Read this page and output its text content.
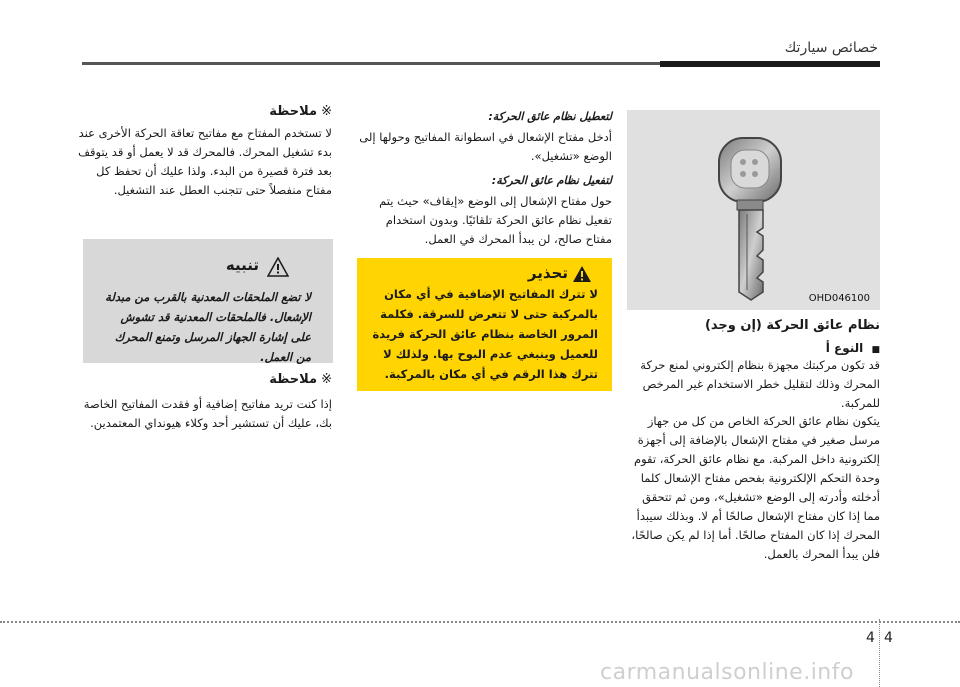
خصائص سيارتك
OHD046100
نظام عائق الحركة (إن وجد)
■ النوع أ
قد تكون مركبتك مجهزة بنظام إلكتروني لمنع حركة المحرك وذلك لتقليل خطر الاستخدام غير المرخص للمركبة.
يتكون نظام عائق الحركة الخاص من كل من جهاز مرسل صغير في مفتاح الإشعال بالإضافة إلى أجهزة إلكترونية داخل المركبة. مع نظام عائق الحركة، تقوم وحدة التحكم الإلكترونية بفحص مفتاح الإشعال كلما أدخلته وأدرته إلى الوضع «تشغيل»، ومن ثم تتحقق مما إذا كان مفتاح الإشعال صالحًا أم لا. وبذلك سيبدأ المحرك إذا كان المفتاح صالحًا. أما إذا لم يكن صالحًا، فلن يبدأ المحرك بالعمل.
لتعطيل نظام عائق الحركة:
أدخل مفتاح الإشعال في اسطوانة المفاتيح وحولها إلى الوضع «تشغيل».
لتفعيل نظام عائق الحركة:
حول مفتاح الإشعال إلى الوضع «إيقاف» حيث يتم تفعيل نظام عائق الحركة تلقائيًا. وبدون استخدام مفتاح صالح، لن يبدأ المحرك في العمل.
تحذير
لا تترك المفاتيح الإضافية في أي مكان بالمركبة حتى لا تتعرض للسرقة. فكلمة المرور الخاصة بنظام عائق الحركة فريدة للعميل وينبغي عدم البوح بها. ولذلك لا تترك هذا الرقم في أي مكان بالمركبة.
※ملاحظة
لا تستخدم المفتاح مع مفاتيح تعاقة الحركة الأخرى عند بدء تشغيل المحرك. فالمحرك قد لا يعمل أو قد يتوقف بعد فترة قصيرة من البدء. ولذا عليك أن تحفظ كل مفتاح منفصلاً حتى تتجنب العطل عند التشغيل.
تنبيه
لا تضع الملحقات المعدنية بالقرب من مبدلة الإشعال. فالملحقات المعدنية قد تشوش على إشارة الجهاز المرسل وتمنع المحرك من العمل.
※ملاحظة
إذا كنت تريد مفاتيح إضافية أو فقدت المفاتيح الخاصة بك، عليك أن تستشير أحد وكلاء هيونداي المعتمدين.
4 4
carmanualsonline.info
